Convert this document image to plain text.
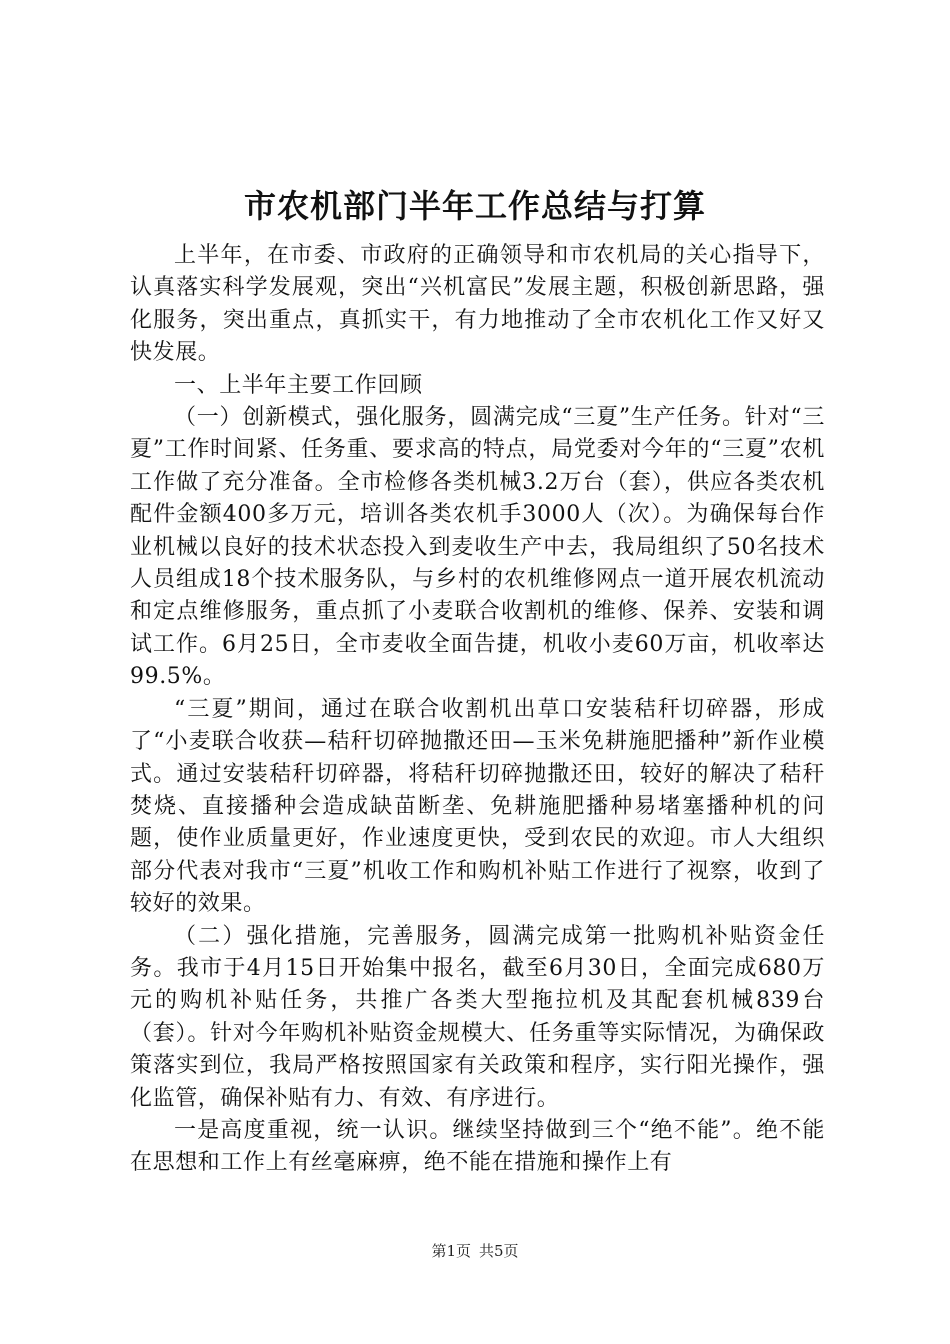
市农机部门半年工作总结与打算

上半年，在市委、市政府的正确领导和市农机局的关心指导下，认真落实科学发展观，突出“兴机富民”发展主题，积极创新思路，强化服务，突出重点，真抓实干，有力地推动了全市农机化工作又好又快发展。

一、上半年主要工作回顾

（一）创新模式，强化服务，圆满完成“三夏”生产任务。针对“三夏”工作时间紧、任务重、要求高的特点，局党委对今年的“三夏”农机工作做了充分准备。全市检修各类机械3.2万台（套），供应各类农机配件金额400多万元，培训各类农机手3000人（次）。为确保每台作业机械以良好的技术状态投入到麦收生产中去，我局组织了50名技术人员组成18个技术服务队，与乡村的农机维修网点一道开展农机流动和定点维修服务，重点抓了小麦联合收割机的维修、保养、安装和调试工作。6月25日，全市麦收全面告捷，机收小麦60万亩，机收率达99.5%。

“三夏”期间，通过在联合收割机出草口安装秸秆切碎器，形成了“小麦联合收获—秸秆切碎抛撒还田—玉米免耕施肥播种”新作业模式。通过安装秸秆切碎器，将秸秆切碎抛撒还田，较好的解决了秸秆焚烧、直接播种会造成缺苗断垄、免耕施肥播种易堵塞播种机的问题，使作业质量更好，作业速度更快，受到农民的欢迎。市人大组织部分代表对我市“三夏”机收工作和购机补贴工作进行了视察，收到了较好的效果。

（二）强化措施，完善服务，圆满完成第一批购机补贴资金任务。我市于4月15日开始集中报名，截至6月30日，全面完成680万元的购机补贴任务，共推广各类大型拖拉机及其配套机械839台（套）。针对今年购机补贴资金规模大、任务重等实际情况，为确保政策落实到位，我局严格按照国家有关政策和程序，实行阳光操作，强化监管，确保补贴有力、有效、有序进行。

一是高度重视，统一认识。继续坚持做到三个“绝不能”。绝不能在思想和工作上有丝毫麻痹，绝不能在措施和操作上有

第1页 共5页
